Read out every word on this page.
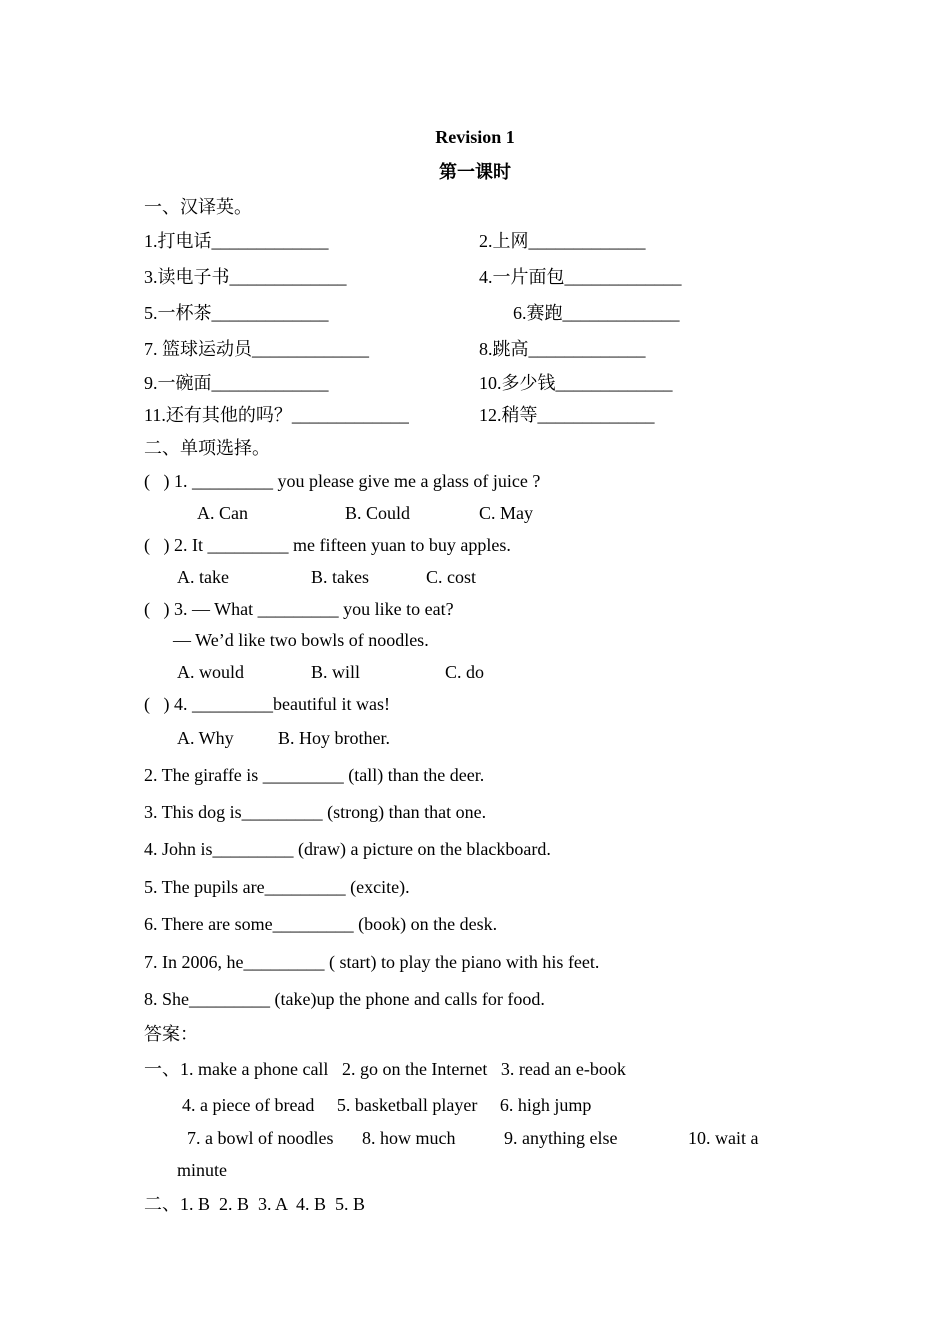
Revision 1
第一课时
一、汉译英。
1.打电话_____________	2.上网_____________
3.读电子书_____________	4.一片面包_____________
5.一杯茶_____________	6.赛跑_____________
7. 篮球运动员_____________	8.跳高_____________
9.一碗面_____________	10.多少钱_____________
11.还有其他的吗？_____________	12.稍等_____________
二、单项选择。
(   ) 1. _________ you please give me a glass of juice ?
A. Can	B. Could	C. May
(   ) 2. It _________ me fifteen yuan to buy apples.
A. take	B. takes	C. cost
(   ) 3. — What _________ you like to eat?
— We’d like two bowls of noodles.
A. would	B. will	C. do
(   ) 4. _________beautiful it was!
A. Why B. Hoy brother.
2. The giraffe is _________ (tall) than the deer.
3. This dog is_________ (strong) than that one.
4. John is_________ (draw) a picture on the blackboard.
5. The pupils are_________ (excite).
6. There are some_________ (book) on the desk.
7. In 2006, he_________ ( start) to play the piano with his feet.
8. She_________ (take)up the phone and calls for food.
答案：
一、1. make a phone call   2. go on the Internet   3. read an e-book
4. a piece of bread     5. basketball player     6. high jump
7. a bowl of noodles 8. how much	9. anything else	10. wait a
minute
二、1. B  2. B  3. A  4. B  5. B
